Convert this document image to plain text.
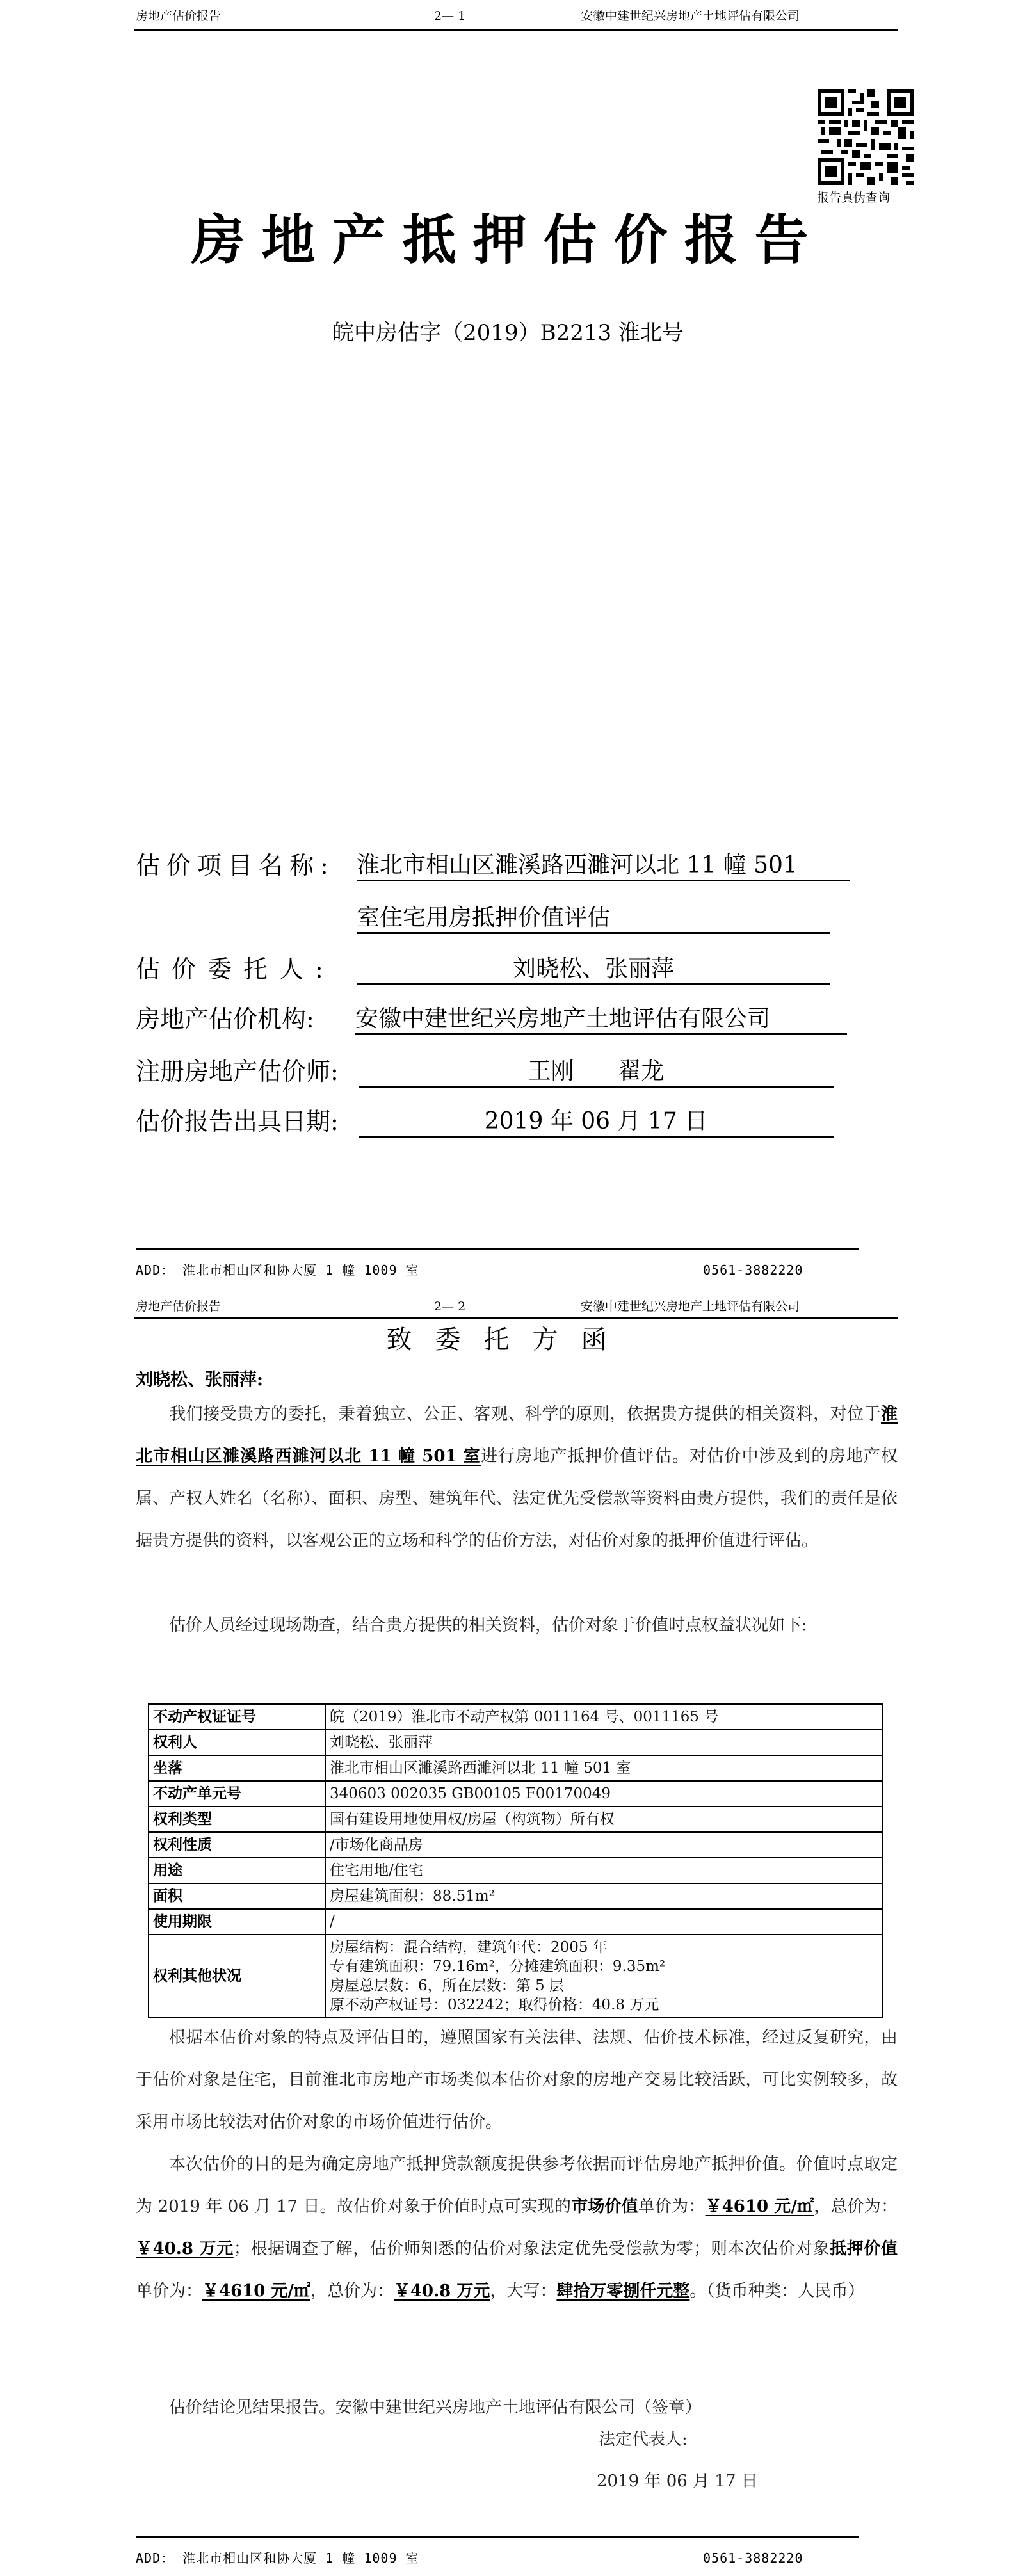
房地产估价报告	2— 1	安徽中建世纪兴房地产土地评估有限公司
报告真伪查询
房地产抵押估价报告
皖中房估字（2019）B2213 淮北号
估价项目名称: 淮北市相山区濉溪路西濉河以北 11 幢 501
室住宅用房抵押价值评估
估价委托人:	刘晓松、张丽萍
房地产估价机构: 安徽中建世纪兴房地产土地评估有限公司
注册房地产估价师:	王刚      翟龙
估价报告出具日期:	2019 年 06 月 17 日
ADD： 淮北市相山区和协大厦 1 幢 1009 室	0561-3882220
房地产估价报告	2— 2	安徽中建世纪兴房地产土地评估有限公司
致委托方函
刘晓松、张丽萍:
我们接受贵方的委托，秉着独立、公正、客观、科学的原则，依据贵方提供的相关资料，对位于淮北市相山区濉溪路西濉河以北 11 幢 501 室进行房地产抵押价值评估。对估价中涉及到的房地产权属、产权人姓名（名称）、面积、房型、建筑年代、法定优先受偿款等资料由贵方提供，我们的责任是依据贵方提供的资料，以客观公正的立场和科学的估价方法，对估价对象的抵押价值进行评估。
估价人员经过现场勘查，结合贵方提供的相关资料，估价对象于价值时点权益状况如下:
不动产权证证号	皖（2019）淮北市不动产权第 0011164 号、0011165 号
权利人	刘晓松、张丽萍
坐落	淮北市相山区濉溪路西濉河以北 11 幢 501 室
不动产单元号	340603 002035 GB00105 F00170049
权利类型	国有建设用地使用权/房屋（构筑物）所有权
权利性质	/市场化商品房
用途	住宅用地/住宅
面积	房屋建筑面积：88.51m²
使用期限	/
权利其他状况	房屋结构：混合结构，建筑年代：2005 年
专有建筑面积：79.16m²，分摊建筑面积：9.35m²
房屋总层数：6，所在层数：第 5 层
原不动产权证号：032242；取得价格：40.8 万元
根据本估价对象的特点及评估目的，遵照国家有关法律、法规、估价技术标准，经过反复研究，由于估价对象是住宅，目前淮北市房地产市场类似本估价对象的房地产交易比较活跃，可比实例较多，故采用市场比较法对估价对象的市场价值进行估价。
本次估价的目的是为确定房地产抵押贷款额度提供参考依据而评估房地产抵押价值。价值时点取定为 2019 年 06 月 17 日。故估价对象于价值时点可实现的市场价值单价为：￥4610 元/㎡，总价为：￥40.8 万元；根据调查了解，估价师知悉的估价对象法定优先受偿款为零；则本次估价对象抵押价值单价为：￥4610 元/㎡，总价为：￥40.8 万元，大写：肆拾万零捌仟元整。（货币种类：人民币）
估价结论见结果报告。安徽中建世纪兴房地产土地评估有限公司（签章）
法定代表人:
2019 年 06 月 17 日
ADD： 淮北市相山区和协大厦 1 幢 1009 室	0561-3882220
